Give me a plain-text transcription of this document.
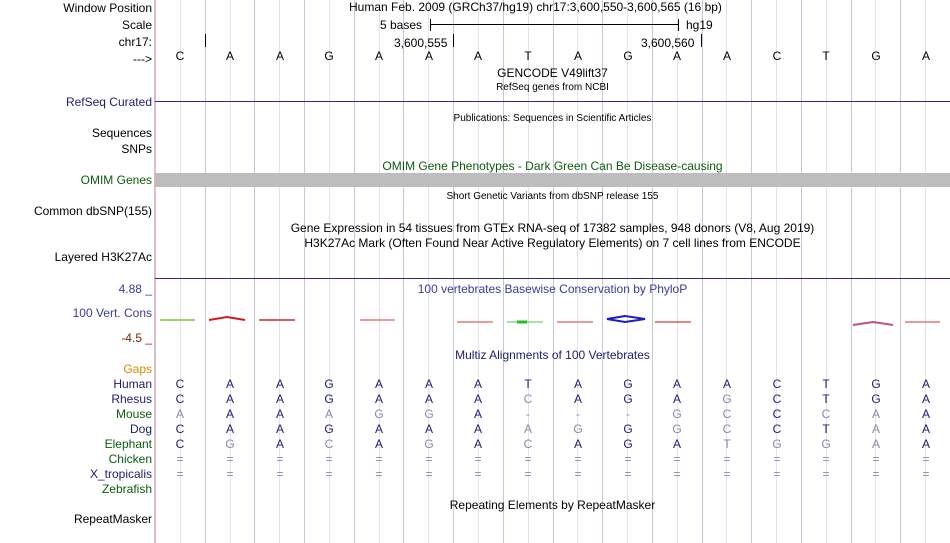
Window Position	Human Feb. 2009 (GRCh37/hg19) chr17:3,600,550-3,600,565 (16 bp)
Scale	5 bases	hg19
chr17:	3,600,555	3,600,560
--->	C	A	A	G	A	A	A	T	A	G	A	A	C	T	G	A
GENCODE V49lift37
RefSeq genes from NCBI
RefSeq Curated
Publications: Sequences in Scientific Articles
Sequences
SNPs
OMIM Gene Phenotypes - Dark Green Can Be Disease-causing
OMIM Genes
Short Genetic Variants from dbSNP release 155
Common dbSNP(155)
Gene Expression in 54 tissues from GTEx RNA-seq of 17382 samples, 948 donors (V8, Aug 2019)
H3K27Ac Mark (Often Found Near Active Regulatory Elements) on 7 cell lines from ENCODE
Layered H3K27Ac
4.88 _	100 vertebrates Basewise Conservation by PhyloP
100 Vert. Cons
-4.5 _
Multiz Alignments of 100 Vertebrates
Gaps
Human	C	A	A	G	A	A	A	T	A	G	A	A	C	T	G	A
Rhesus	C	A	A	G	A	A	A	C	A	G	A	G	C	T	G	A
Mouse	A	A	A	A	G	G	A	-	-	-	G	C	C	C	A	A
Dog	C	A	A	G	A	A	A	A	G	G	G	C	C	T	A	A
Elephant	C	G	A	C	A	G	A	C	A	G	A	T	G	G	A	A
Chicken	=	=	=	=	=	=	=	=	=	=	=	=	=	=	=	=
X_tropicalis	=	=	=	=	=	=	=	=	=	=	=	=	=	=	=	=
Zebrafish
Repeating Elements by RepeatMasker
RepeatMasker
